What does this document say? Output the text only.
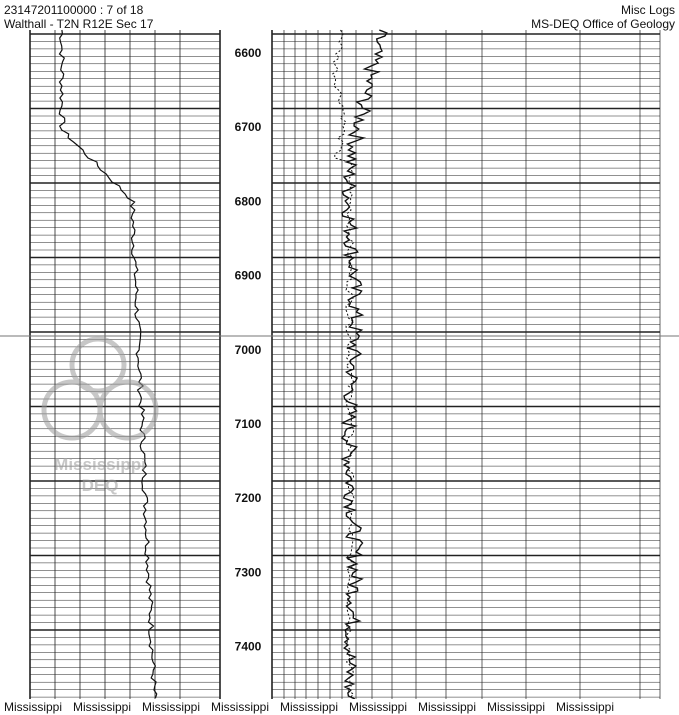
23147201100000 : 7 of 18
Walthall - T2N R12E Sec 17
Misc Logs
MS-DEQ Office of Geology
6600
6700
6800
6900
7000
7100
7200
7300
7400
Mississippi
DEQ
Mississippi Mississippi Mississippi Mississippi Mississippi Mississippi Mississippi Mississippi Mississippi
